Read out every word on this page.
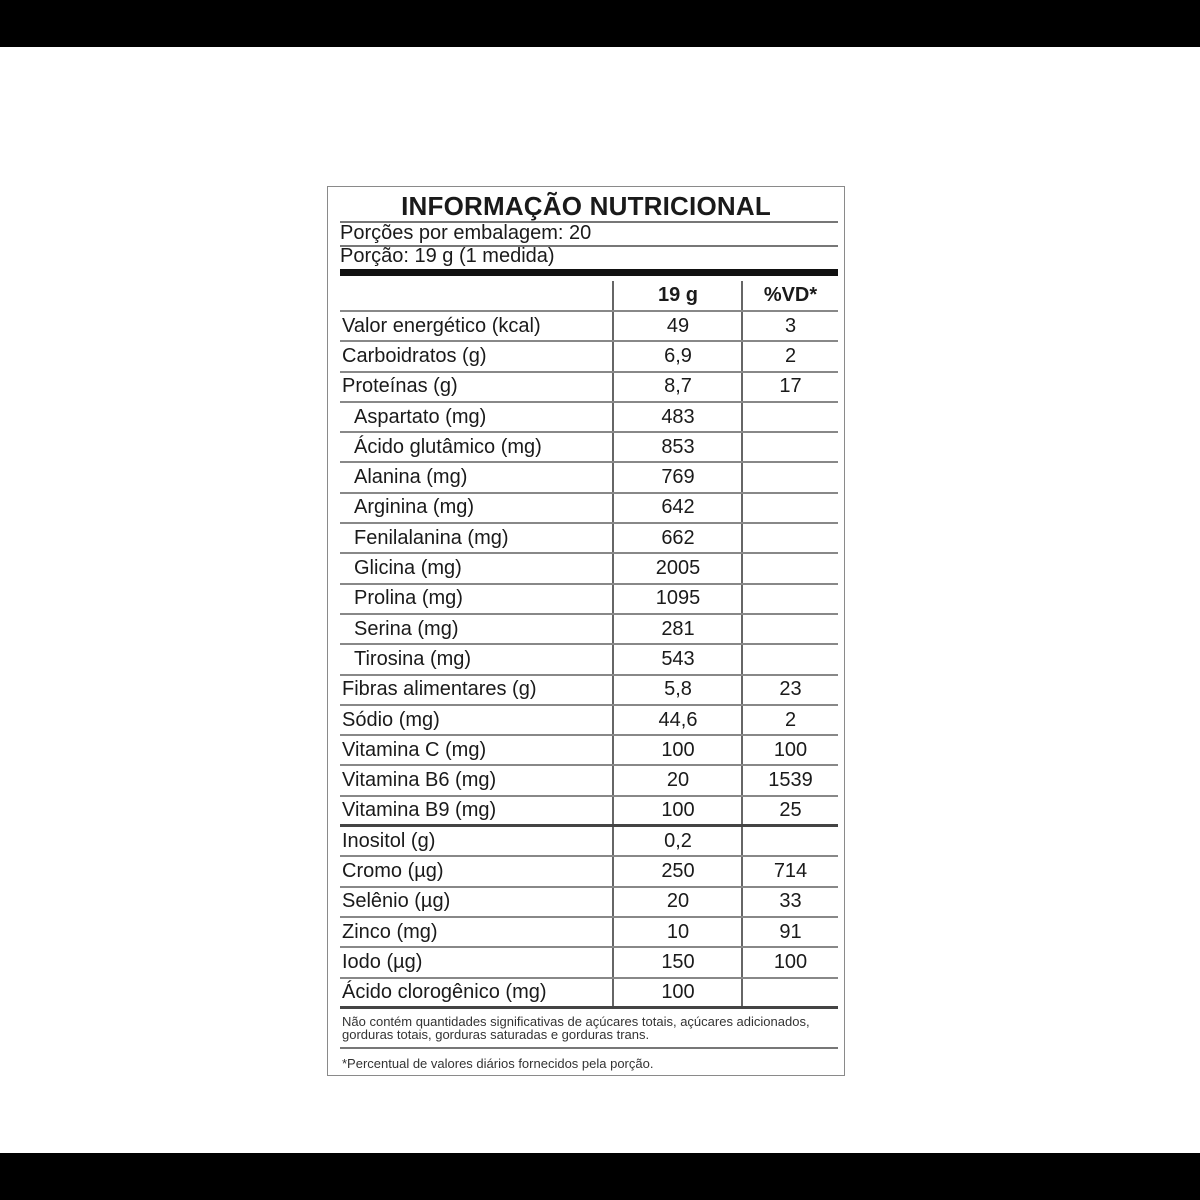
INFORMAÇÃO NUTRICIONAL
Porções por embalagem: 20
Porção: 19 g (1 medida)
19 g	%VD*
Valor energético (kcal)	49	3
Carboidratos (g)	6,9	2
Proteínas (g)	8,7	17
Aspartato (mg)	483
Ácido glutâmico (mg)	853
Alanina (mg)	769
Arginina (mg)	642
Fenilalanina (mg)	662
Glicina (mg)	2005
Prolina (mg)	1095
Serina (mg)	281
Tirosina (mg)	543
Fibras alimentares (g)	5,8	23
Sódio (mg)	44,6	2
Vitamina C (mg)	100	100
Vitamina B6 (mg)	20	1539
Vitamina B9 (mg)	100	25
Inositol (g)	0,2
Cromo (µg)	250	714
Selênio (µg)	20	33
Zinco (mg)	10	91
Iodo (µg)	150	100
Ácido clorogênico (mg)	100
Não contém quantidades significativas de açúcares totais, açúcares adicionados, gorduras totais, gorduras saturadas e gorduras trans.
*Percentual de valores diários fornecidos pela porção.
